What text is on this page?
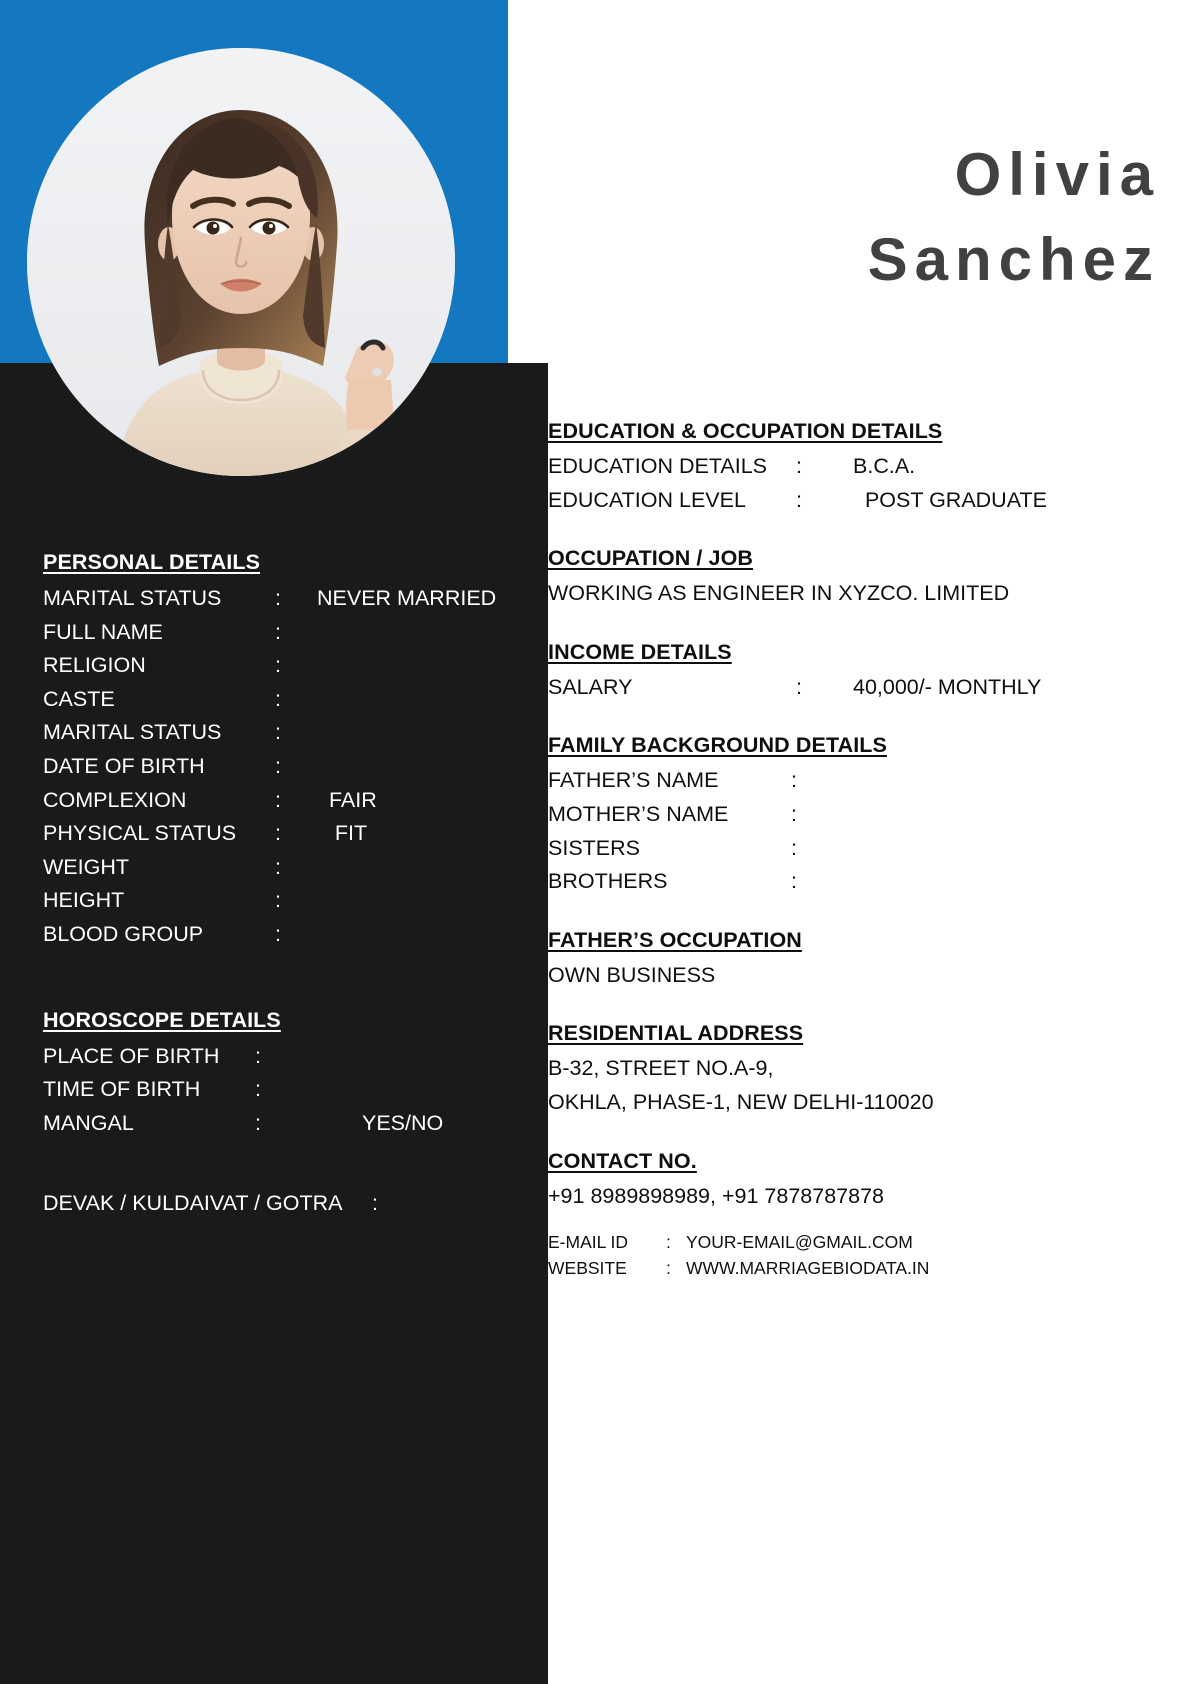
Olivia
Sanchez
PERSONAL DETAILS
MARITAL STATUS	:	NEVER MARRIED
FULL NAME	:
RELIGION	:
CASTE	:
MARITAL STATUS	:
DATE OF BIRTH	:
COMPLEXION	:	FAIR
PHYSICAL STATUS	:	FIT
WEIGHT	:
HEIGHT	:
BLOOD GROUP	:
HOROSCOPE DETAILS
PLACE OF BIRTH	:
TIME OF BIRTH	:
MANGAL	:	YES/NO
DEVAK / KULDAIVAT / GOTRA	:
EDUCATION & OCCUPATION DETAILS
EDUCATION DETAILS	:	B.C.A.
EDUCATION LEVEL	:	POST GRADUATE
OCCUPATION / JOB
WORKING AS ENGINEER IN XYZCO. LIMITED
INCOME DETAILS
SALARY	:	40,000/- MONTHLY
FAMILY BACKGROUND DETAILS
FATHER’S NAME	:
MOTHER’S NAME	:
SISTERS	:
BROTHERS	:
FATHER’S OCCUPATION
OWN BUSINESS
RESIDENTIAL ADDRESS
B-32, STREET NO.A-9,
OKHLA, PHASE-1, NEW DELHI-110020
CONTACT NO.
+91 8989898989, +91 7878787878
E-MAIL ID	: YOUR-EMAIL@GMAIL.COM
WEBSITE	: WWW.MARRIAGEBIODATA.IN
